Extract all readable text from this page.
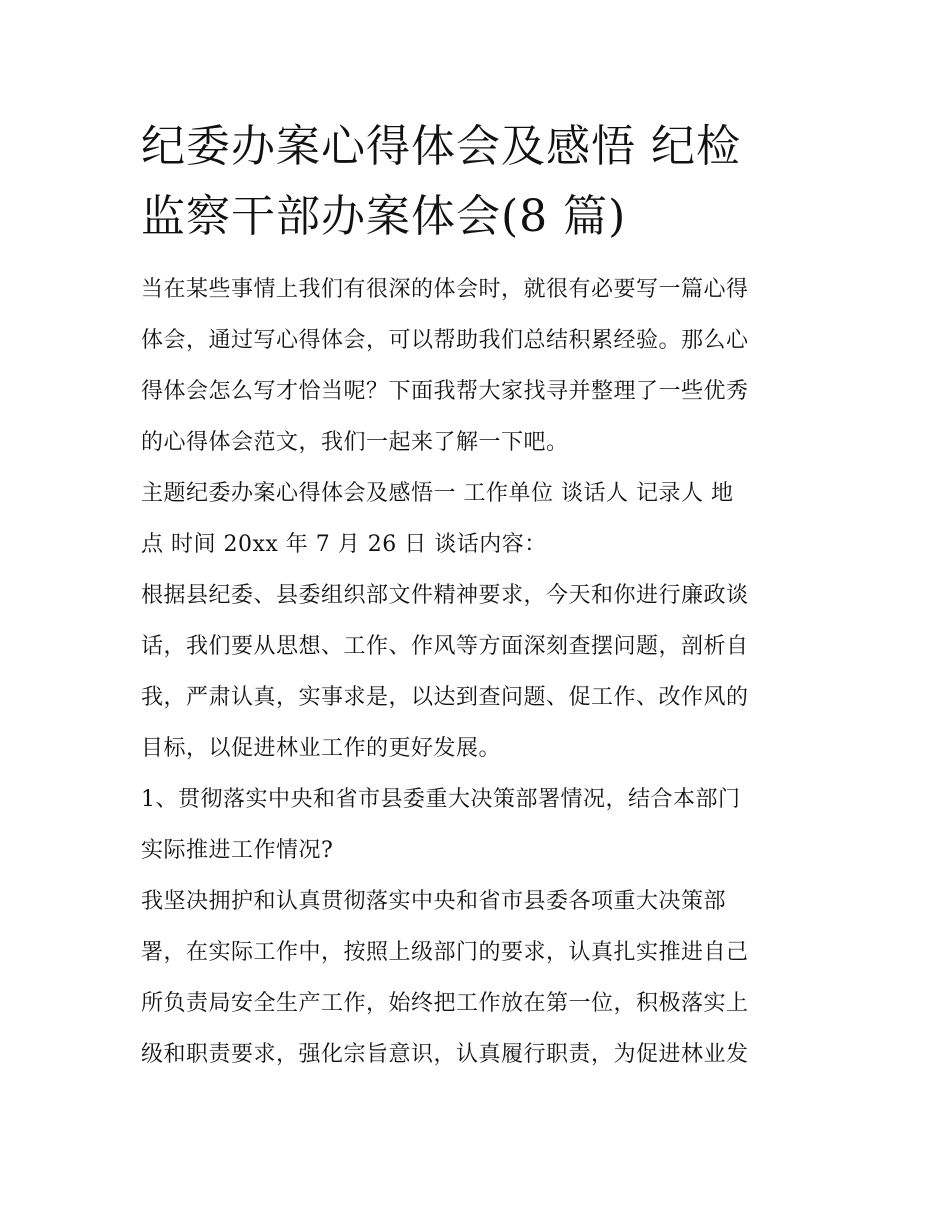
纪委办案心得体会及感悟 纪检
监察干部办案体会(8 篇)

当在某些事情上我们有很深的体会时，就很有必要写一篇心得

体会，通过写心得体会，可以帮助我们总结积累经验。那么心

得体会怎么写才恰当呢？下面我帮大家找寻并整理了一些优秀

的心得体会范文，我们一起来了解一下吧。

主题纪委办案心得体会及感悟一 工作单位 谈话人 记录人 地

点 时间 20xx 年 7 月 26 日 谈话内容：

根据县纪委、县委组织部文件精神要求，今天和你进行廉政谈

话，我们要从思想、工作、作风等方面深刻查摆问题，剖析自

我，严肃认真，实事求是，以达到查问题、促工作、改作风的

目标，以促进林业工作的更好发展。

1、贯彻落实中央和省市县委重大决策部署情况，结合本部门

实际推进工作情况?

我坚决拥护和认真贯彻落实中央和省市县委各项重大决策部

署，在实际工作中，按照上级部门的要求，认真扎实推进自己

所负责局安全生产工作，始终把工作放在第一位，积极落实上

级和职责要求，强化宗旨意识，认真履行职责，为促进林业发
